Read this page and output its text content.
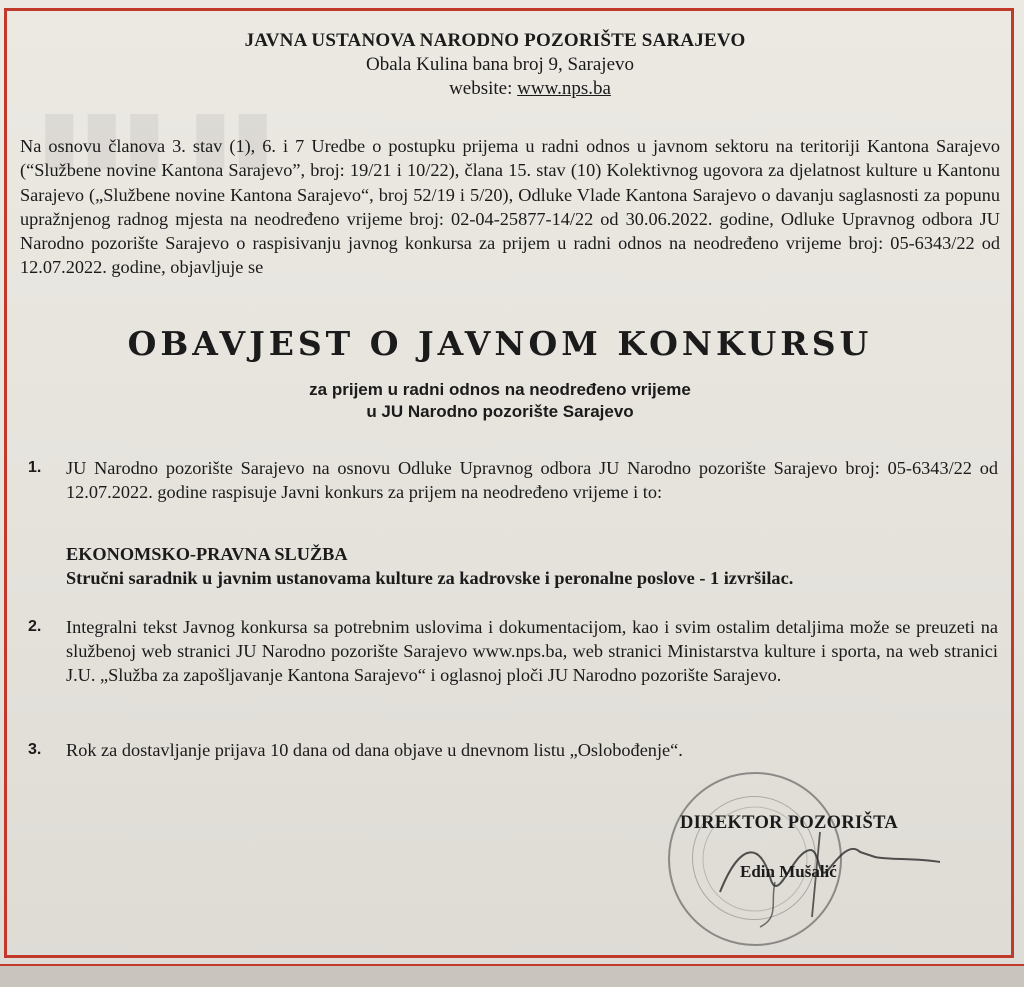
▮▮▮ ▮▮
JAVNA USTANOVA NARODNO POZORIŠTE SARAJEVO
Obala Kulina bana broj 9, Sarajevo
website: www.nps.ba
Na osnovu članova 3. stav (1), 6. i 7 Uredbe o postupku prijema u radni odnos u javnom sektoru na teritoriji Kantona Sarajevo (“Službene novine Kantona Sarajevo”, broj: 19/21 i 10/22), člana 15. stav (10) Kolektivnog ugovora za djelatnost kulture u Kantonu Sarajevo („Službene novine Kantona Sarajevo“, broj 52/19 i 5/20), Odluke Vlade Kantona Sarajevo o davanju saglasnosti za popunu upražnjenog radnog mjesta na neodređeno vrijeme broj: 02-04-25877-14/22 od 30.06.2022. godine, Odluke Upravnog odbora JU Narodno pozorište Sarajevo o raspisivanju javnog konkursa za prijem u radni odnos na neodređeno vrijeme broj: 05-6343/22 od 12.07.2022. godine, objavljuje se
OBAVJEST O JAVNOM KONKURSU
za prijem u radni odnos na neodređeno vrijeme
u JU Narodno pozorište Sarajevo
1.	JU Narodno pozorište Sarajevo na osnovu Odluke Upravnog odbora JU Narodno pozorište Sarajevo broj: 05-6343/22 od 12.07.2022. godine raspisuje Javni konkurs za prijem na neodređeno vrijeme i to:
EKONOMSKO-PRAVNA SLUŽBA
Stručni saradnik u javnim ustanovama kulture za kadrovske i peronalne poslove - 1 izvršilac.
2.	Integralni tekst Javnog konkursa sa potrebnim uslovima i dokumentacijom, kao i svim ostalim detaljima može se preuzeti na službenoj web stranici JU Narodno pozorište Sarajevo www.nps.ba, web stranici Ministarstva kulture i sporta, na web stranici J.U. „Služba za zapošljavanje Kantona Sarajevo“ i oglasnoj ploči JU Narodno pozorište Sarajevo.
3.	Rok za dostavljanje prijava 10 dana od dana objave u dnevnom listu „Oslobođenje“.
DIREKTOR POZORIŠTA
Edin Mušalić
